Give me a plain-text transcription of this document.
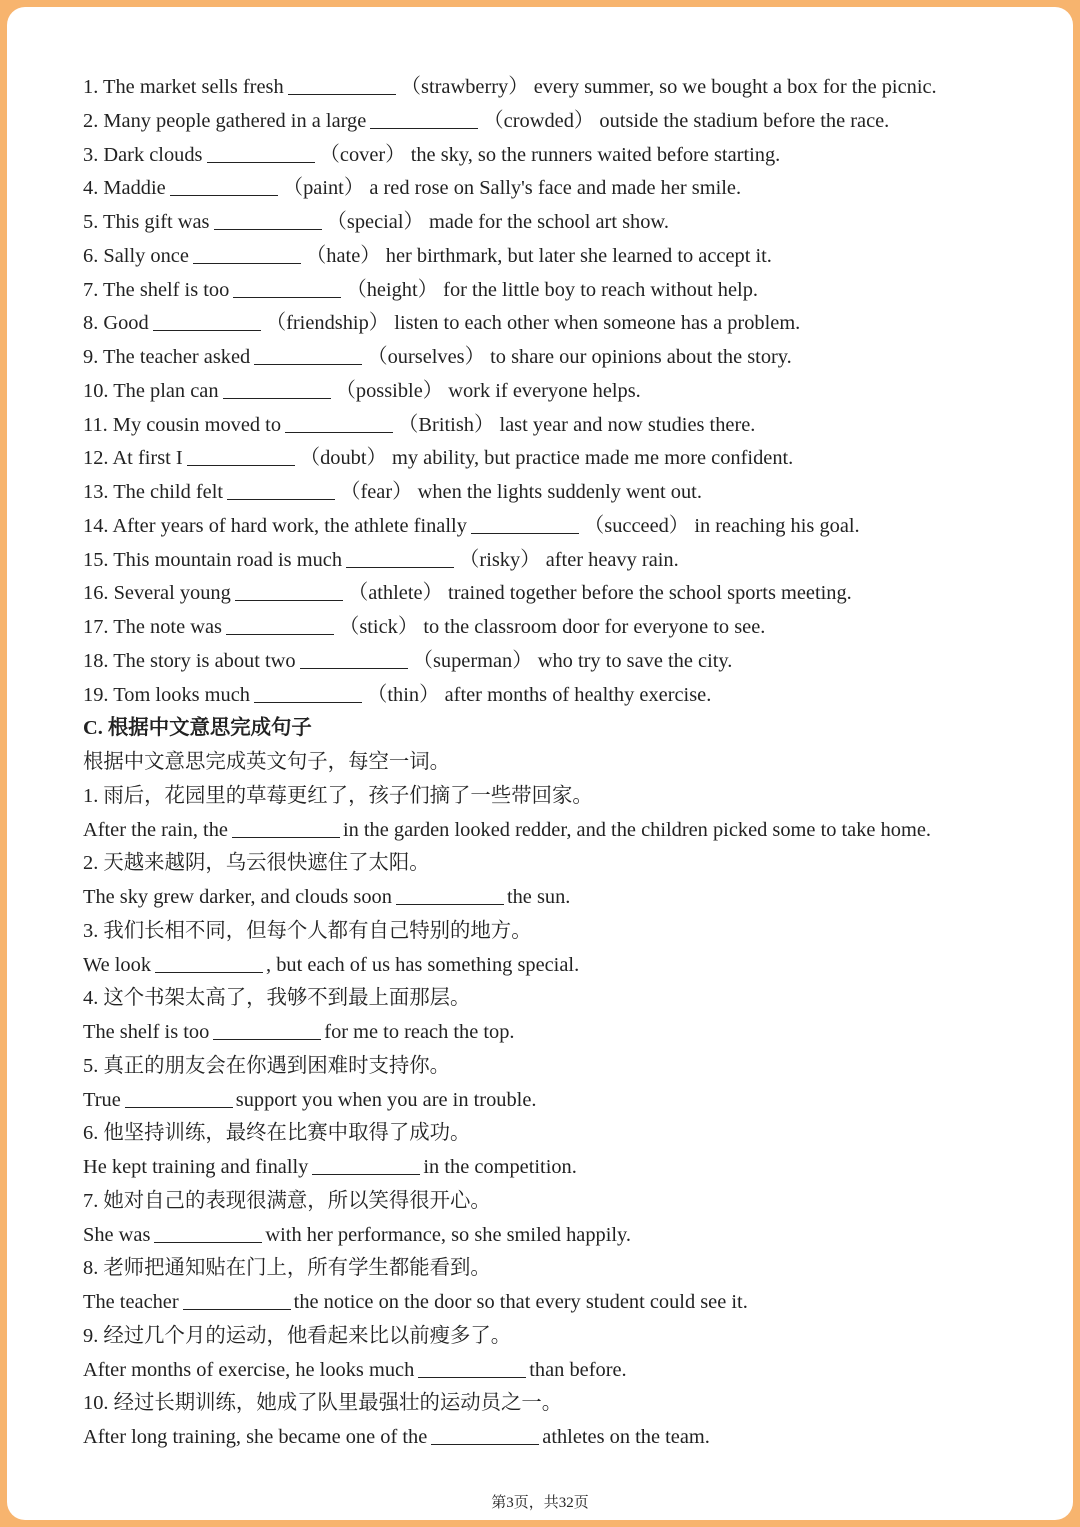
1. The market sells fresh	（strawberry） every summer, so we bought a box for the picnic.
2. Many people gathered in a large	（crowded） outside the stadium before the race.
3. Dark clouds	（cover） the sky, so the runners waited before starting.
4. Maddie	（paint） a red rose on Sally's face and made her smile.
5. This gift was	（special） made for the school art show.
6. Sally once	（hate） her birthmark, but later she learned to accept it.
7. The shelf is too	（height） for the little boy to reach without help.
8. Good	（friendship） listen to each other when someone has a problem.
9. The teacher asked	（ourselves） to share our opinions about the story.
10. The plan can	（possible） work if everyone helps.
11. My cousin moved to	（British） last year and now studies there.
12. At first I	（doubt） my ability, but practice made me more confident.
13. The child felt	（fear） when the lights suddenly went out.
14. After years of hard work, the athlete finally	（succeed） in reaching his goal.
15. This mountain road is much	（risky） after heavy rain.
16. Several young	（athlete） trained together before the school sports meeting.
17. The note was	（stick） to the classroom door for everyone to see.
18. The story is about two	（superman） who try to save the city.
19. Tom looks much	（thin） after months of healthy exercise.
C. 根据中文意思完成句子
根据中文意思完成英文句子，每空一词。
1. 雨后，花园里的草莓更红了，孩子们摘了一些带回家。
After the rain, the	in the garden looked redder, and the children picked some to take home.
2. 天越来越阴，乌云很快遮住了太阳。
The sky grew darker, and clouds soon	the sun.
3. 我们长相不同，但每个人都有自己特别的地方。
We look	, but each of us has something special.
4. 这个书架太高了，我够不到最上面那层。
The shelf is too	for me to reach the top.
5. 真正的朋友会在你遇到困难时支持你。
True	support you when you are in trouble.
6. 他坚持训练，最终在比赛中取得了成功。
He kept training and finally	in the competition.
7. 她对自己的表现很满意，所以笑得很开心。
She was	with her performance, so she smiled happily.
8. 老师把通知贴在门上，所有学生都能看到。
The teacher	the notice on the door so that every student could see it.
9. 经过几个月的运动，他看起来比以前瘦多了。
After months of exercise, he looks much	than before.
10. 经过长期训练，她成了队里最强壮的运动员之一。
After long training, she became one of the	athletes on the team.
第3页，共32页
